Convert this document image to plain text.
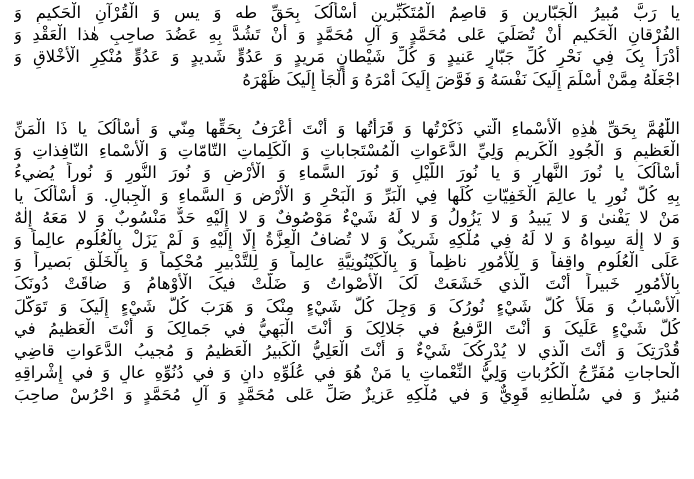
يا رَبَّ مُبيرُ الْجَبّارين وَ قاصِمُ الْمُتَكَبِّرين أَسْأَلُکَ بِحَقِّ طه وَ يس وَ الْقُرْآنِ الْحَكيمِ وَ
الفُرْقانِ الْحَكيمِ أَنْ تُصَلِّيَ عَلى مُحَمَّدٍ وَ آلِ مُحَمَّدٍ وَ أَنْ تَشُدَّ بِهِ عَضُدَ صاحِبِ هٰذا الْعَقْدِ وَ
أَدْرَأْ بِکَ فِي نَحْرِ كُلِّ جَبّارٍ عَنيدٍ وَ كُلِّ شَيْطانٍ مَريدٍ وَ عَدُوٍّ شَديدٍ وَ عَدُوٍّ مُنْكِرِ الْأَخْلاقِ وَ
اجْعَلْهُ مِمَّنْ أَسْلَمَ إِلَيکَ نَفْسَهُ وَ فَوَّضَ إِلَيکَ أَمْرَهُ وَ أَلْجَأَ إِلَيکَ ظَهْرَهُ
اللّٰهُمَّ بِحَقِّ هٰذِهِ الْأَسْماءِ الَّتي ذَكَرْتُها وَ قَرَأْتُها وَ أَنْتَ أَعْرَفُ بِحَقِّها مِنّي وَ أَسْأَلُکَ يا ذَا الْمَنِّ
الْعَظيمِ وَ الْجُودِ الْكَريمِ وَلِيِّ الدَّعَواتِ الْمُسْتَجاباتِ وَ الْكَلِماتِ التّامّاتِ وَ الْأَسْماءِ النّافِذاتِ وَ
أَسْأَلُکَ يا نُورَ النَّهارِ وَ يا نُورَ اللَّيْلِ وَ نُورَ السَّماءِ وَ الْأَرْضِ وَ نُورَ النُّورِ وَ نُوراً يُضيءُ
بِهِ كُلَّ نُورٍ يا عالِمَ الْخَفِيّاتِ كُلِّها فِي الْبَرِّ وَ الْبَحْرِ وَ الْأَرْضِ وَ السَّماءِ وَ الْجِبالِ. وَ أَسْأَلُکَ يا
مَنْ لا يَفْنىٰ وَ لا يَبيدُ وَ لا يَزُولُ وَ لا لَهُ شَيْءٌ مَوْصُوفٌ وَ لا إِلَيْهِ حَدٌّ مَنْسُوبٌ وَ لا مَعَهُ إِلٰهٌ
وَ لا إِلٰهَ سِواهُ وَ لا لَهُ فِي مُلْكِهِ شَريکٌ وَ لا تُضافُ الْعِزَّةُ إِلّا إِلَيْهِ وَ لَمْ يَزَلْ بِالْعُلُومِ عالِماً وَ
عَلَى الْعُلُومِ واقِفاً وَ لِلْأُمُورِ ناظِماً وَ بِالْكَيْنُونِيَّةِ عالِماً وَ لِلتَّدْبيرِ مُحْكِماً وَ بِالْخَلْقِ بَصيراً وَ
بِالْأُمُورِ خَبيراً أَنْتَ الَّذي خَشَعَتْ لَکَ الْأَصْواتُ وَ ضَلَّتْ فيکَ الْأَوْهامُ وَ ضاقَتْ دُونَکَ
الْأَسْبابُ وَ مَلَأَ كُلَّ شَيْءٍ نُورُکَ وَ وَجِلَ كُلُّ شَيْءٍ مِنْکَ وَ هَرَبَ كُلُّ شَيْءٍ إِلَيکَ وَ تَوَكَّلَ
كُلُّ شَيْءٍ عَلَيکَ وَ أَنْتَ الرَّفيعُ في جَلالِکَ وَ أَنْتَ الْبَهِيُّ في جَمالِکَ وَ أَنْتَ الْعَظيمُ في
قُدْرَتِکَ وَ أَنْتَ الَّذي لا يُدْرِكُکَ شَيْءٌ وَ أَنْتَ الْعَلِيُّ الْكَبيرُ الْعَظيمُ وَ مُجيبُ الدَّعَواتِ قاضِي
الْحاجاتِ مُفَرِّجُ الْكُرُباتِ وَلِيُّ النِّعْماتِ يا مَنْ هُوَ في عُلُوِّهِ دانٍ وَ في دُنُوِّهِ عالٍ وَ في إِشْراقِهِ
مُنيرٌ وَ في سُلْطانِهِ قَوِيٌّ وَ في مُلْكِهِ عَزيزٌ صَلِّ عَلى مُحَمَّدٍ وَ آلِ مُحَمَّدٍ وَ احْرُسْ صاحِبَ
